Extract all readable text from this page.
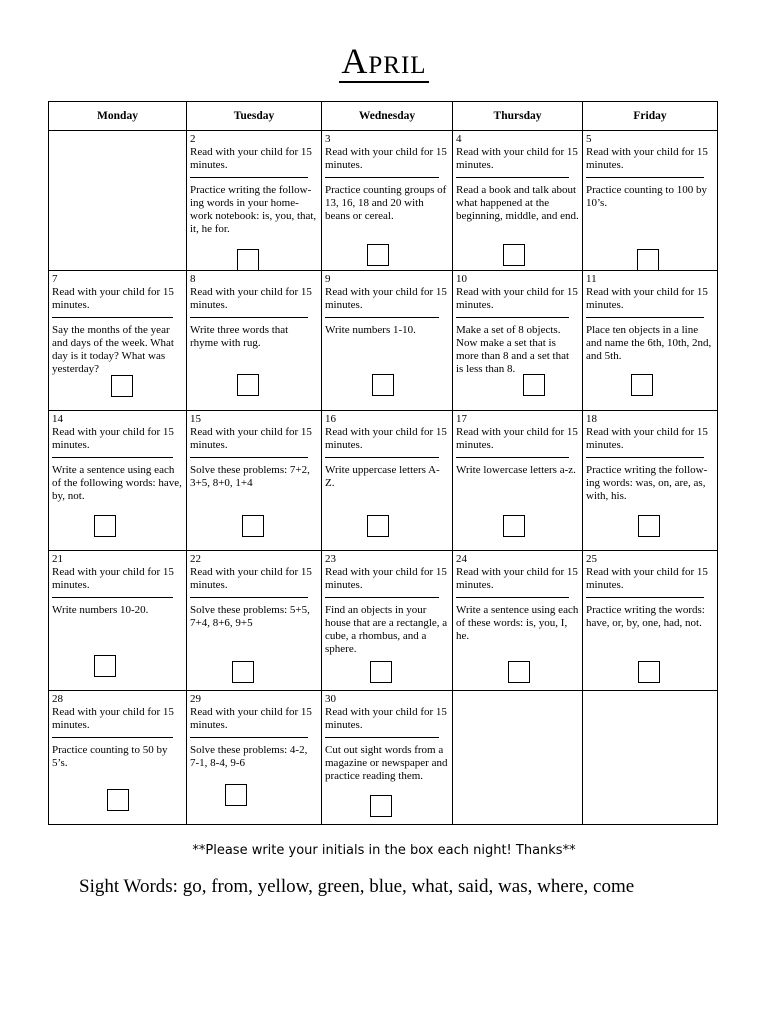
April
Monday	Tuesday	Wednesday	Thursday	Friday

	2
Read with your child for 15 minutes.
Practice writing the follow-ing words in your home-work notebook: is, you, that, it, he for.	3
Read with your child for 15 minutes.
Practice counting groups of 13, 16, 18 and 20 with beans or cereal.	4
Read with your child for 15 minutes.
Read a book and talk about what happened at the beginning, middle, and end.	5
Read with your child for 15 minutes.
Practice counting to 100 by 10’s.

7
Read with your child for 15 minutes.
Say the months of the year and days of the week. What day is it today? What was yesterday?	8
Read with your child for 15 minutes.
Write three words that rhyme with rug.	9
Read with your child for 15 minutes.
Write numbers 1-10.	10
Read with your child for 15 minutes.
Make a set of 8 objects. Now make a set that is more than 8 and a set that is less than 8.	11
Read with your child for 15 minutes.
Place ten objects in a line and name the 6th, 10th, 2nd, and 5th.

14
Read with your child for 15 minutes.
Write a sentence using each of the following words: have, by, not.	15
Read with your child for 15 minutes.
Solve these problems: 7+2, 3+5, 8+0, 1+4	16
Read with your child for 15 minutes.
Write uppercase letters A-Z.	17
Read with your child for 15 minutes.
Write lowercase letters a-z.	18
Read with your child for 15 minutes.
Practice writing the follow-ing words: was, on, are, as, with, his.

21
Read with your child for 15 minutes.
Write numbers 10-20.	22
Read with your child for 15 minutes.
Solve these problems: 5+5, 7+4, 8+6, 9+5	23
Read with your child for 15 minutes.
Find an objects in your house that are a rectangle, a cube, a rhombus, and a sphere.	24
Read with your child for 15 minutes.
Write a sentence using each of these words: is, you, I, he.	25
Read with your child for 15 minutes.
Practice writing the words: have, or, by, one, had, not.

28
Read with your child for 15 minutes.
Practice counting to 50 by 5’s.	29
Read with your child for 15 minutes.
Solve these problems: 4-2, 7-1, 8-4, 9-6	30
Read with your child for 15 minutes.
Cut out sight words from a magazine or newspaper and practice reading them.		

**Please write your initials in the box each night! Thanks**
Sight Words: go, from, yellow, green, blue, what, said, was, where, come
